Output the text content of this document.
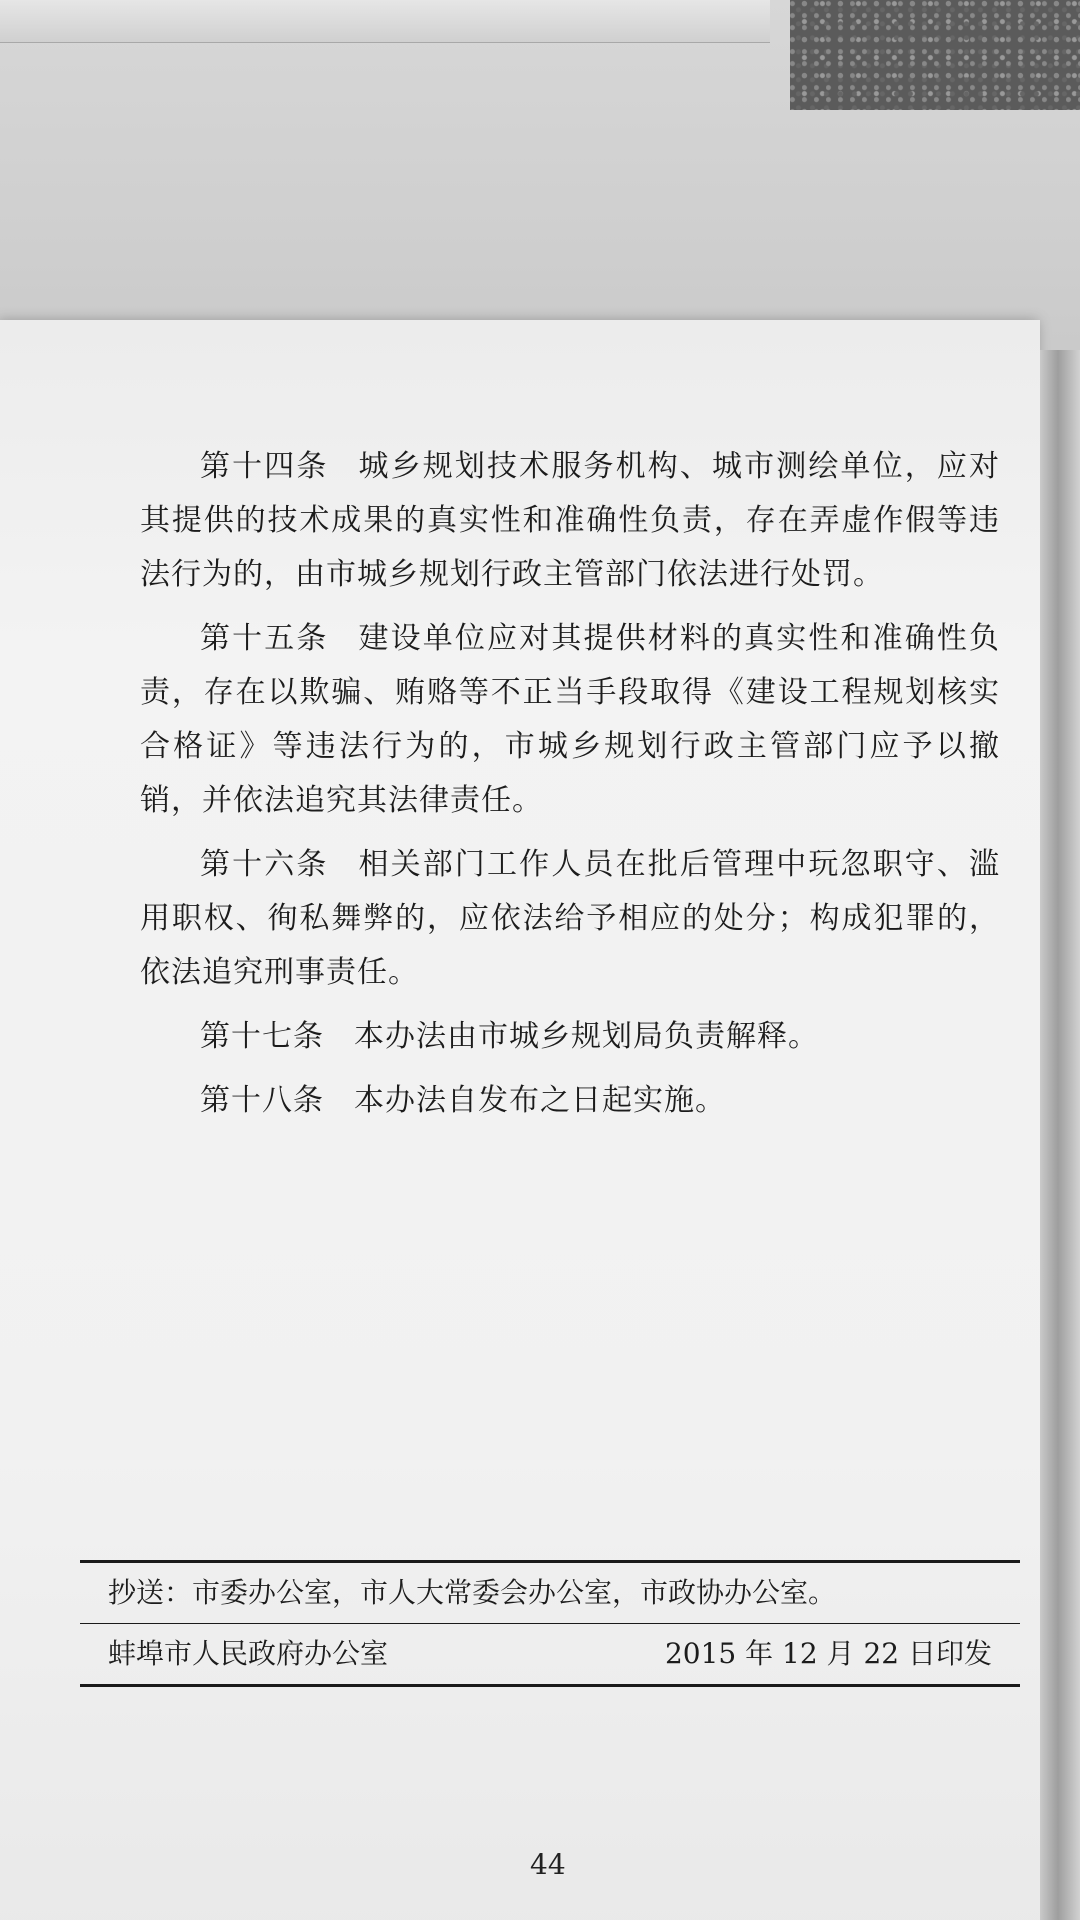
第十四条 城乡规划技术服务机构、城市测绘单位，应对其提供的技术成果的真实性和准确性负责，存在弄虚作假等违法行为的，由市城乡规划行政主管部门依法进行处罚。

第十五条 建设单位应对其提供材料的真实性和准确性负责，存在以欺骗、贿赂等不正当手段取得《建设工程规划核实合格证》等违法行为的，市城乡规划行政主管部门应予以撤销，并依法追究其法律责任。

第十六条 相关部门工作人员在批后管理中玩忽职守、滥用职权、徇私舞弊的，应依法给予相应的处分；构成犯罪的，依法追究刑事责任。

第十七条 本办法由市城乡规划局负责解释。

第十八条 本办法自发布之日起实施。

抄送：市委办公室，市人大常委会办公室，市政协办公室。
蚌埠市人民政府办公室	2015 年 12 月 22 日印发
44
